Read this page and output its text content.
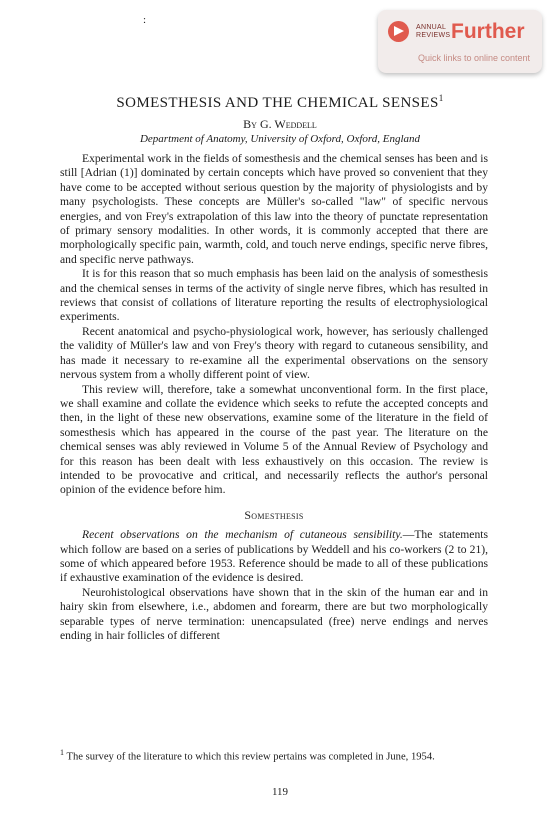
:
ANNUAL
REVIEWS Further
Quick links to online content
SOMESTHESIS AND THE CHEMICAL SENSES$^1$
By G. Weddell
Department of Anatomy, University of Oxford, Oxford, England

Experimental work in the fields of somesthesis and the chemical senses has been and is still [Adrian (1)] dominated by certain concepts which have proved so convenient that they have come to be accepted without serious question by the majority of physiologists and by many psychologists. These concepts are Müller's so-called "law" of specific nervous energies, and von Frey's extrapolation of this law into the theory of punctate representation of primary sensory modalities. In other words, it is commonly accepted that there are morphologically specific pain, warmth, cold, and touch nerve endings, specific nerve fibres, and specific nerve pathways.

It is for this reason that so much emphasis has been laid on the analysis of somesthesis and the chemical senses in terms of the activity of single nerve fibres, which has resulted in reviews that consist of collations of literature reporting the results of electrophysiological experiments.

Recent anatomical and psycho-physiological work, however, has seriously challenged the validity of Müller's law and von Frey's theory with regard to cutaneous sensibility, and has made it necessary to re-examine all the experimental observations on the sensory nervous system from a wholly different point of view.

This review will, therefore, take a somewhat unconventional form. In the first place, we shall examine and collate the evidence which seeks to refute the accepted concepts and then, in the light of these new observations, examine some of the literature in the field of somesthesis which has appeared in the course of the past year. The literature on the chemical senses was ably reviewed in Volume 5 of the Annual Review of Psychology and for this reason has been dealt with less exhaustively on this occasion. The review is intended to be provocative and critical, and necessarily reflects the author's personal opinion of the evidence before him.

Somesthesis

Recent observations on the mechanism of cutaneous sensibility.—The statements which follow are based on a series of publications by Weddell and his co-workers (2 to 21), some of which appeared before 1953. Reference should be made to all of these publications if exhaustive examination of the evidence is desired.

Neurohistological observations have shown that in the skin of the human ear and in hairy skin from elsewhere, i.e., abdomen and forearm, there are but two morphologically separable types of nerve termination: unencapsulated (free) nerve endings and nerves ending in hair follicles of different

$^1$ The survey of the literature to which this review pertains was completed in June, 1954.
119
